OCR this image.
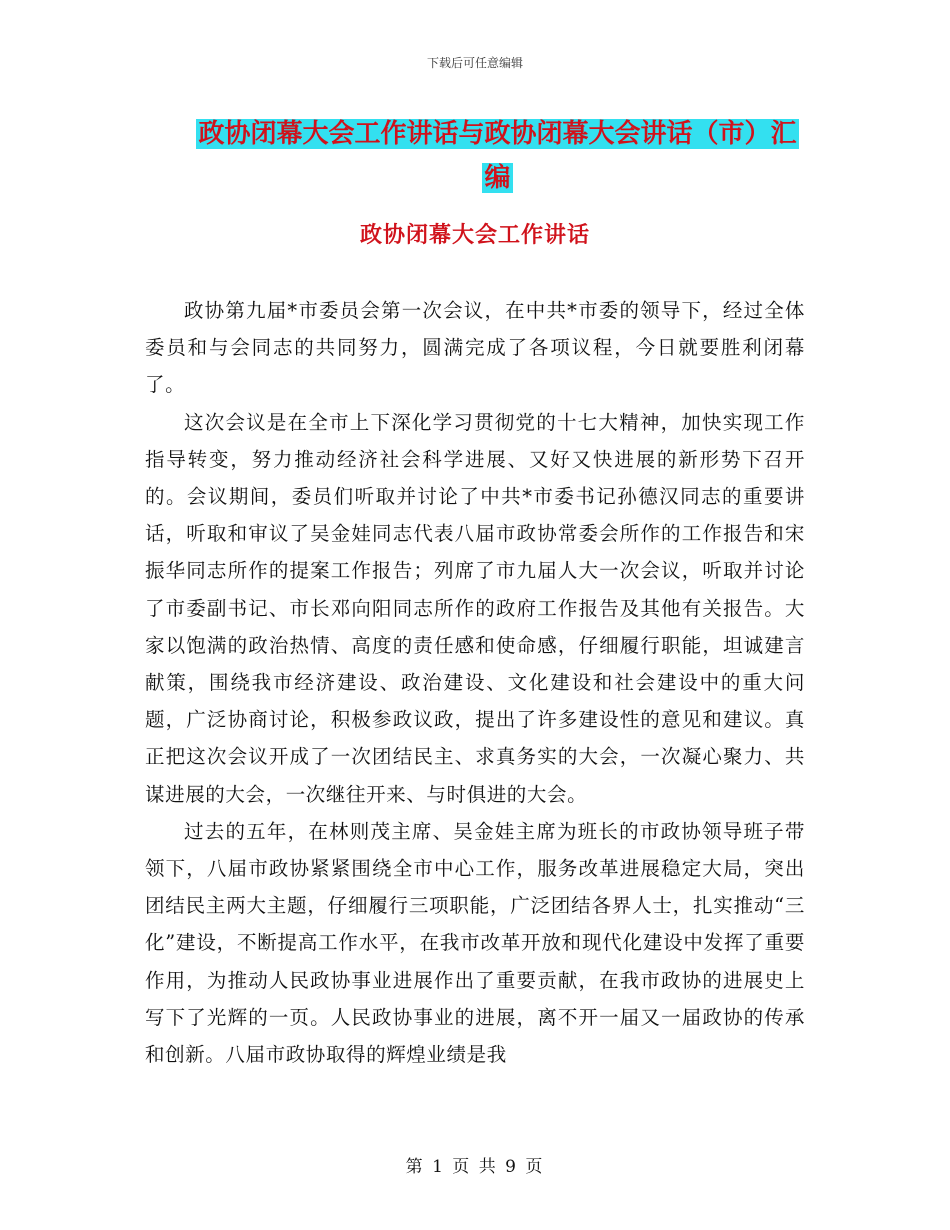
下载后可任意编辑
政协闭幕大会工作讲话与政协闭幕大会讲话（市）汇编
政协闭幕大会工作讲话

政协第九届*市委员会第一次会议，在中共*市委的领导下，经过全体委员和与会同志的共同努力，圆满完成了各项议程，今日就要胜利闭幕了。

这次会议是在全市上下深化学习贯彻党的十七大精神，加快实现工作指导转变，努力推动经济社会科学进展、又好又快进展的新形势下召开的。会议期间，委员们听取并讨论了中共*市委书记孙德汉同志的重要讲话，听取和审议了吴金娃同志代表八届市政协常委会所作的工作报告和宋振华同志所作的提案工作报告；列席了市九届人大一次会议，听取并讨论了市委副书记、市长邓向阳同志所作的政府工作报告及其他有关报告。大家以饱满的政治热情、高度的责任感和使命感，仔细履行职能，坦诚建言献策，围绕我市经济建设、政治建设、文化建设和社会建设中的重大问题，广泛协商讨论，积极参政议政，提出了许多建设性的意见和建议。真正把这次会议开成了一次团结民主、求真务实的大会，一次凝心聚力、共谋进展的大会，一次继往开来、与时俱进的大会。

过去的五年，在林则茂主席、吴金娃主席为班长的市政协领导班子带领下，八届市政协紧紧围绕全市中心工作，服务改革进展稳定大局，突出团结民主两大主题，仔细履行三项职能，广泛团结各界人士，扎实推动“三化”建设，不断提高工作水平，在我市改革开放和现代化建设中发挥了重要作用，为推动人民政协事业进展作出了重要贡献，在我市政协的进展史上写下了光辉的一页。人民政协事业的进展，离不开一届又一届政协的传承和创新。八届市政协取得的辉煌业绩是我

第 1 页 共 9 页
